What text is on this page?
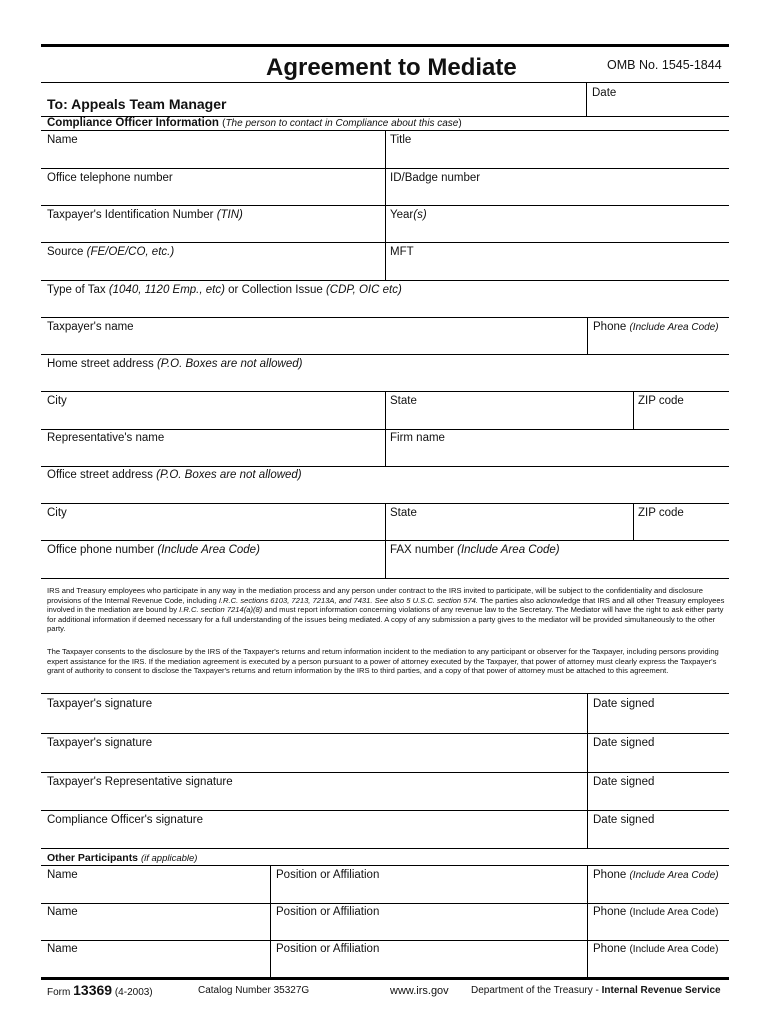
Agreement to Mediate	OMB No. 1545-1844
Date
To: Appeals Team Manager
Compliance Officer Information (The person to contact in Compliance about this case)
Name	Title
Office telephone number	ID/Badge number
Taxpayer's Identification Number (TIN)	Year(s)
Source (FE/OE/CO, etc.)	MFT
Type of Tax (1040, 1120 Emp., etc) or Collection Issue (CDP, OIC etc)
Taxpayer's name	Phone (Include Area Code)
Home street address (P.O. Boxes are not allowed)
City	State	ZIP code
Representative's name	Firm name
Office street address (P.O. Boxes are not allowed)
City	State	ZIP code
Office phone number (Include Area Code)	FAX number (Include Area Code)
IRS and Treasury employees who participate in any way in the mediation process and any person under contract to the IRS invited to participate, will be subject to the confidentiality and disclosure provisions of the Internal Revenue Code, including I.R.C. sections 6103, 7213, 7213A, and 7431. See also 5 U.S.C. section 574. The parties also acknowledge that IRS and all other Treasury employees involved in the mediation are bound by I.R.C. section 7214(a)(8) and must report information concerning violations of any revenue law to the Secretary. The Mediator will have the right to ask either party for additional information if deemed necessary for a full understanding of the issues being mediated. A copy of any submission a party gives to the mediator will be provided simultaneously to the other party.
The Taxpayer consents to the disclosure by the IRS of the Taxpayer's returns and return information incident to the mediation to any participant or observer for the Taxpayer, including persons providing expert assistance for the IRS. If the mediation agreement is executed by a person pursuant to a power of attorney executed by the Taxpayer, that power of attorney must clearly express the Taxpayer's grant of authority to consent to disclose the Taxpayer's returns and return information by the IRS to third parties, and a copy of that power of attorney must be attached to this agreement.
Taxpayer's signature	Date signed
Taxpayer's signature	Date signed
Taxpayer's Representative signature	Date signed
Compliance Officer's signature	Date signed
Other Participants (if applicable)
Name	Position or Affiliation	Phone (Include Area Code)
Name	Position or Affiliation	Phone (Include Area Code)
Name	Position or Affiliation	Phone (Include Area Code)
Form 13369 (4-2003)	Catalog Number 35327G	www.irs.gov Department of the Treasury - Internal Revenue Service
